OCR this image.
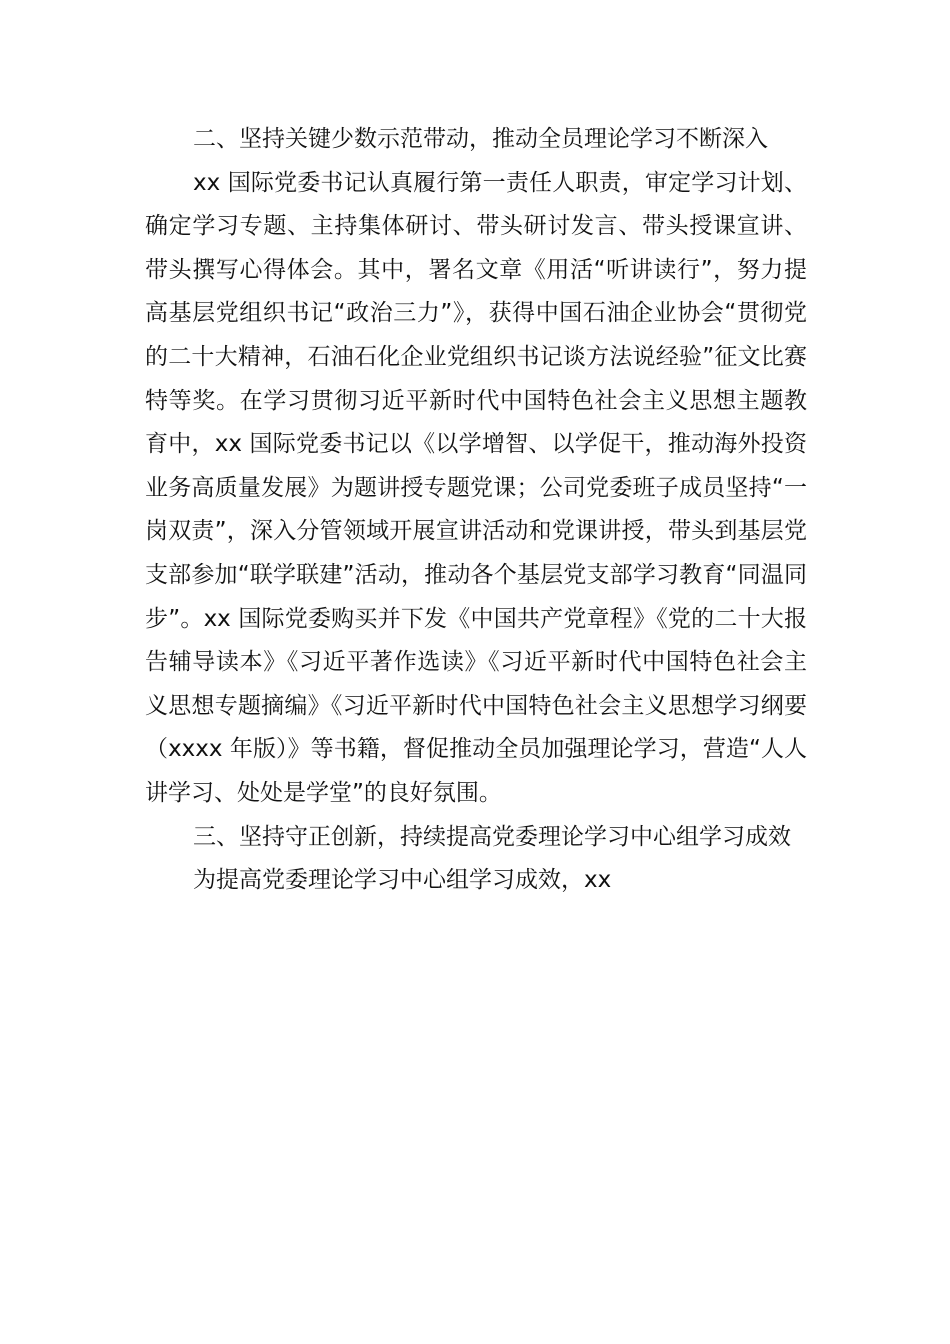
二、坚持关键少数示范带动，推动全员理论学习不断深入

xx 国际党委书记认真履行第一责任人职责，审定学习计划、确定学习专题、主持集体研讨、带头研讨发言、带头授课宣讲、带头撰写心得体会。其中，署名文章《用活“听讲读行”，努力提高基层党组织书记“政治三力”》，获得中国石油企业协会“贯彻党的二十大精神，石油石化企业党组织书记谈方法说经验”征文比赛特等奖。在学习贯彻习近平新时代中国特色社会主义思想主题教育中，xx 国际党委书记以《以学增智、以学促干，推动海外投资业务高质量发展》为题讲授专题党课；公司党委班子成员坚持“一岗双责”，深入分管领域开展宣讲活动和党课讲授，带头到基层党支部参加“联学联建”活动，推动各个基层党支部学习教育“同温同步”。xx 国际党委购买并下发《中国共产党章程》《党的二十大报告辅导读本》《习近平著作选读》《习近平新时代中国特色社会主义思想专题摘编》《习近平新时代中国特色社会主义思想学习纲要（xxxx 年版）》等书籍，督促推动全员加强理论学习，营造“人人讲学习、处处是学堂”的良好氛围。

三、坚持守正创新，持续提高党委理论学习中心组学习成效

为提高党委理论学习中心组学习成效，xx
